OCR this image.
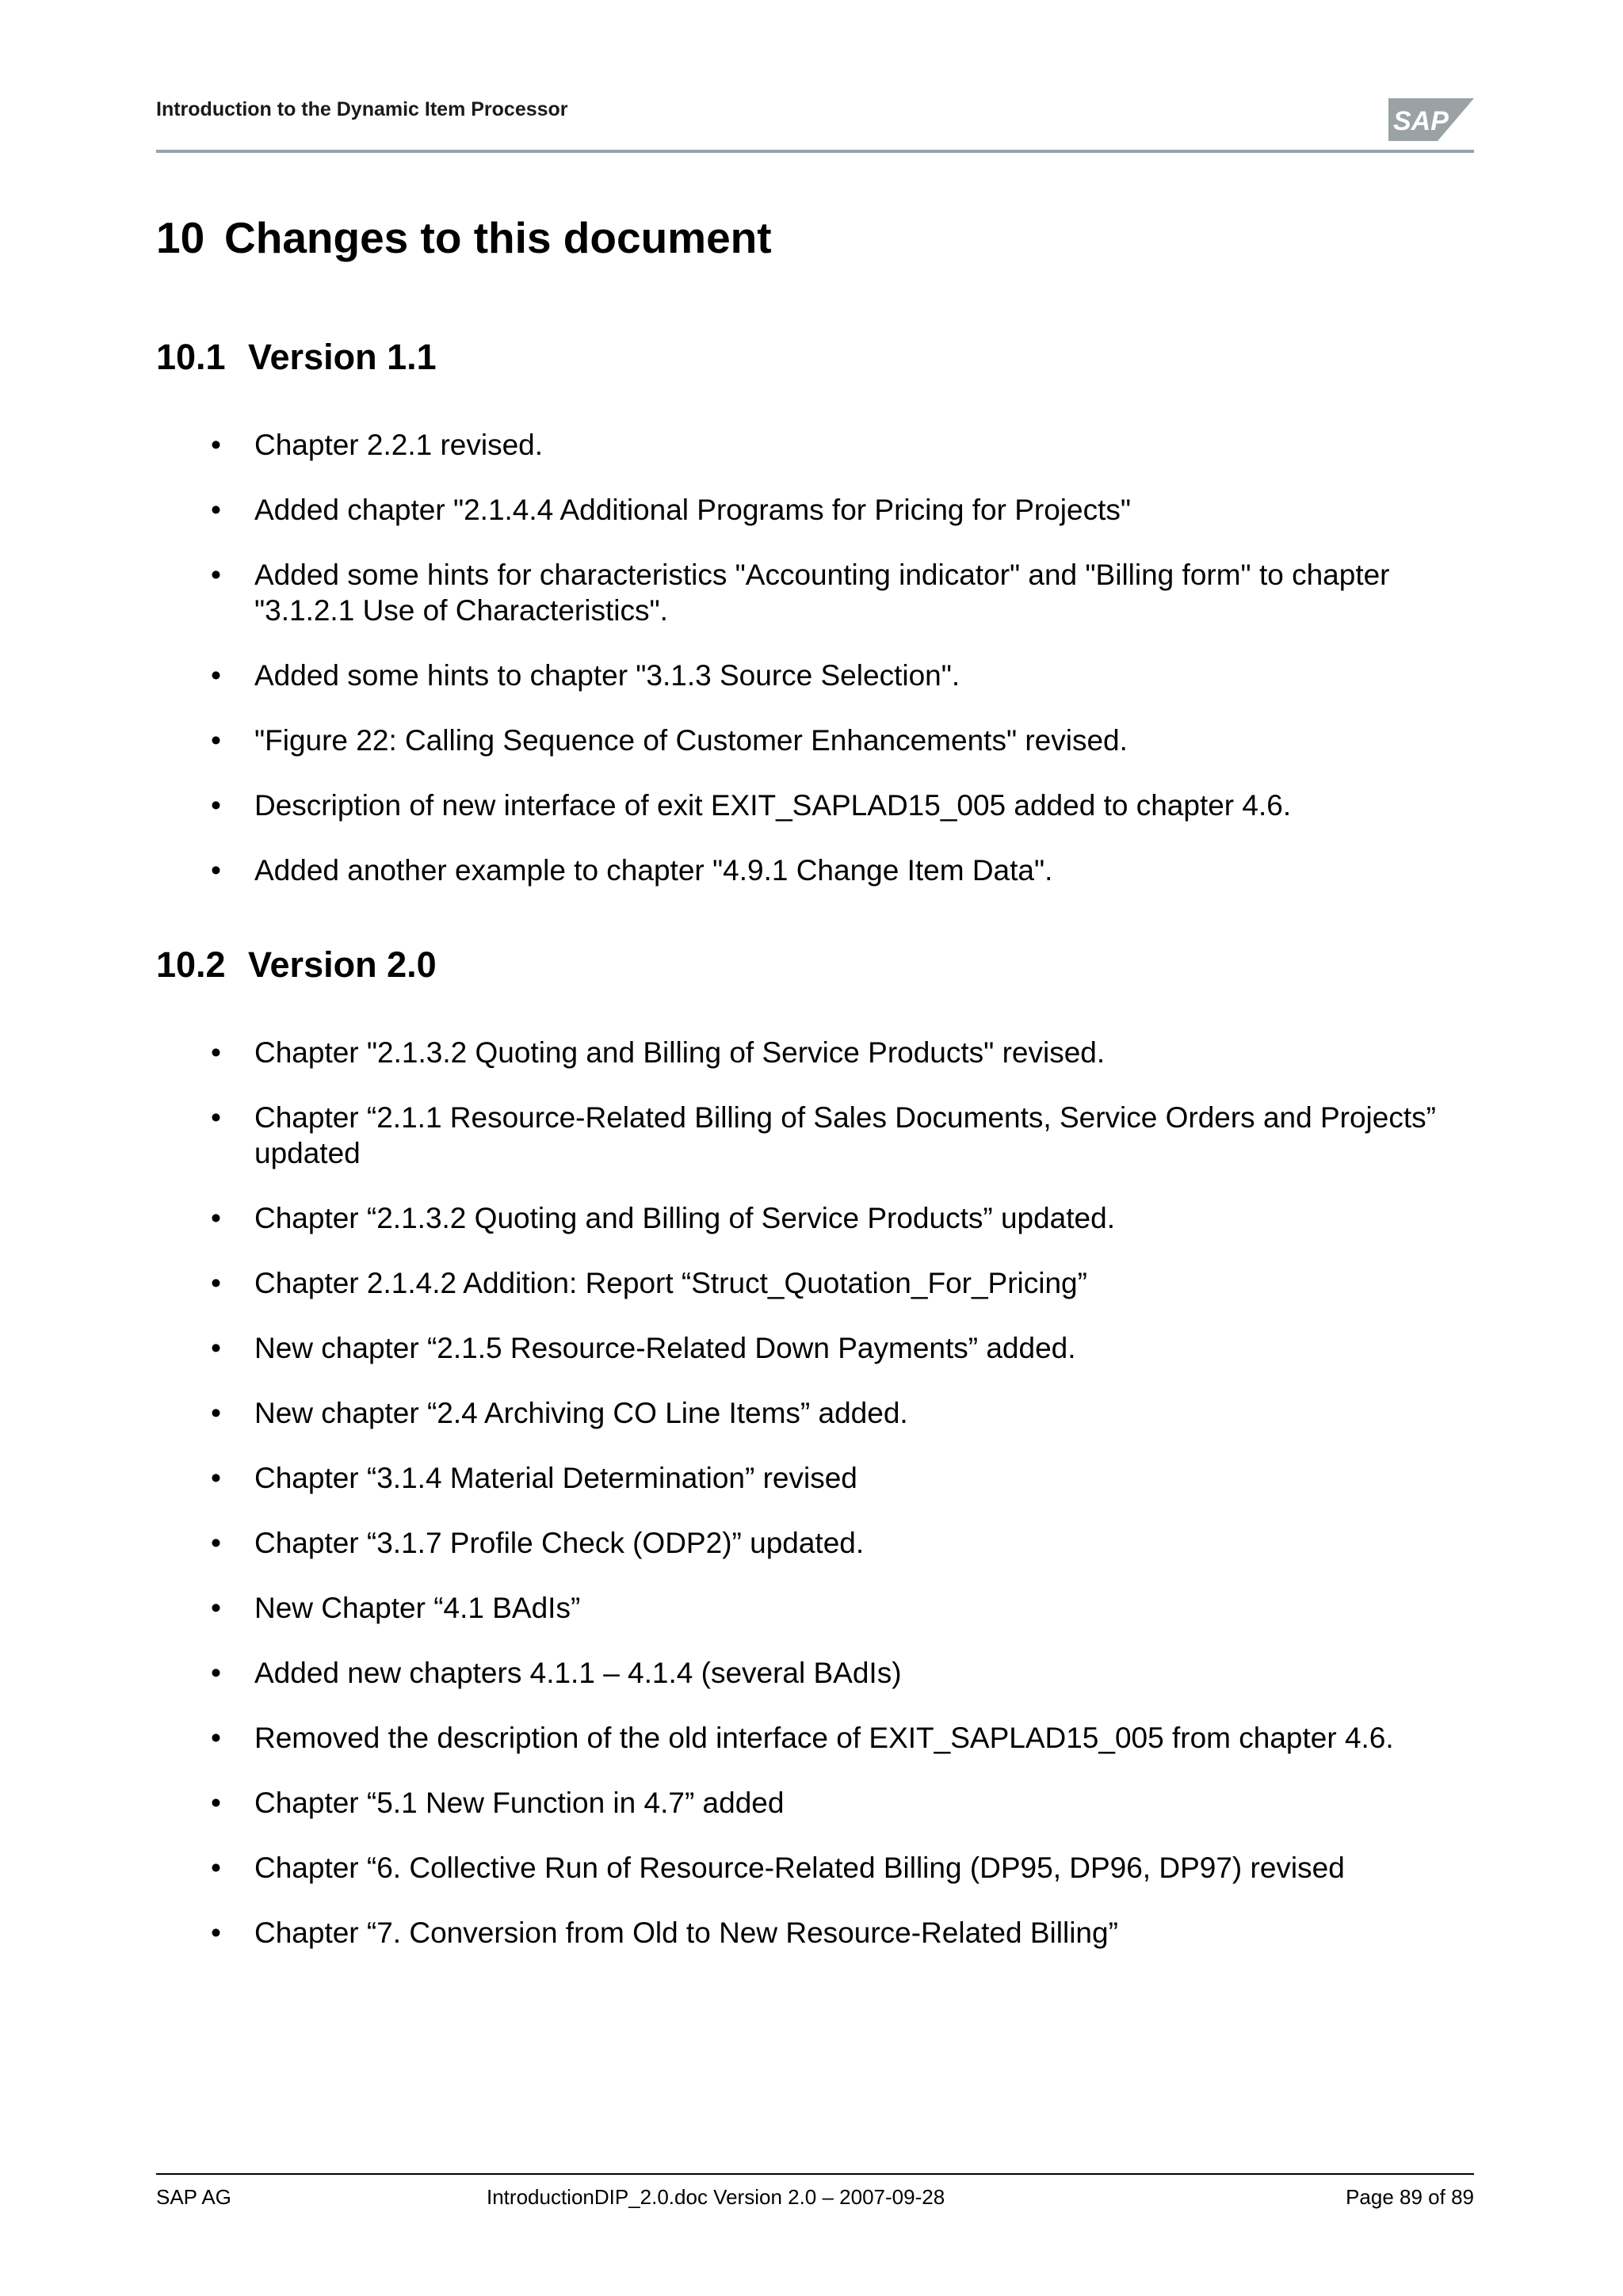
Introduction to the Dynamic Item Processor	SAP
10 Changes to this document
10.1 Version 1.1
• Chapter 2.2.1 revised.
• Added chapter "2.1.4.4 Additional Programs for Pricing for Projects"
• Added some hints for characteristics "Accounting indicator" and "Billing form" to chapter "3.1.2.1 Use of Characteristics".
• Added some hints to chapter "3.1.3 Source Selection".
• "Figure 22: Calling Sequence of Customer Enhancements" revised.
• Description of new interface of exit EXIT_SAPLAD15_005 added to chapter 4.6.
• Added another example to chapter "4.9.1 Change Item Data".
10.2 Version 2.0
• Chapter "2.1.3.2 Quoting and Billing of Service Products" revised.
• Chapter “2.1.1 Resource-Related Billing of Sales Documents, Service Orders and Projects” updated
• Chapter “2.1.3.2 Quoting and Billing of Service Products” updated.
• Chapter 2.1.4.2 Addition: Report “Struct_Quotation_For_Pricing”
• New chapter “2.1.5 Resource-Related Down Payments” added.
• New chapter “2.4 Archiving CO Line Items” added.
• Chapter “3.1.4 Material Determination” revised
• Chapter “3.1.7 Profile Check (ODP2)” updated.
• New Chapter “4.1 BAdIs”
• Added new chapters 4.1.1 – 4.1.4 (several BAdIs)
• Removed the description of the old interface of EXIT_SAPLAD15_005 from chapter 4.6.
• Chapter “5.1 New Function in 4.7” added
• Chapter “6. Collective Run of Resource-Related Billing (DP95, DP96, DP97) revised
• Chapter “7. Conversion from Old to New Resource-Related Billing”
SAP AG	IntroductionDIP_2.0.doc Version 2.0 – 2007-09-28	Page 89 of 89
